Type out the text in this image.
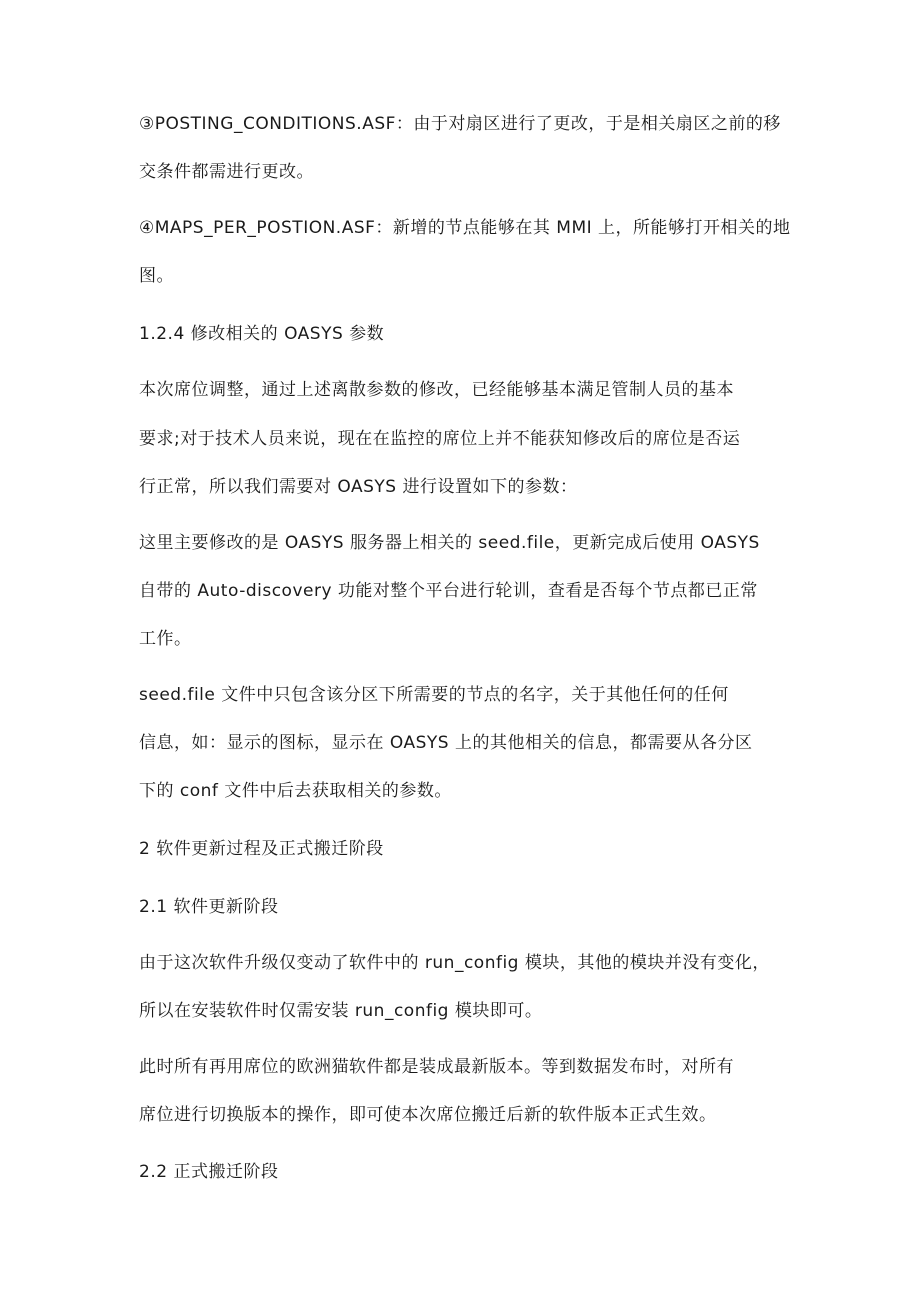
③POSTING_CONDITIONS.ASF：由于对扇区进行了更改，于是相关扇区之前的移
交条件都需进行更改。
④MAPS_PER_POSTION.ASF：新增的节点能够在其 MMI 上，所能够打开相关的地
图。
1.2.4 修改相关的 OASYS 参数
本次席位调整，通过上述离散参数的修改，已经能够基本满足管制人员的基本
要求;对于技术人员来说，现在在监控的席位上并不能获知修改后的席位是否运
行正常，所以我们需要对 OASYS 进行设置如下的参数：
这里主要修改的是 OASYS 服务器上相关的 seed.file，更新完成后使用 OASYS
自带的 Auto-discovery 功能对整个平台进行轮训，查看是否每个节点都已正常
工作。
seed.file 文件中只包含该分区下所需要的节点的名字，关于其他任何的任何
信息，如：显示的图标，显示在 OASYS 上的其他相关的信息，都需要从各分区
下的 conf 文件中后去获取相关的参数。
2 软件更新过程及正式搬迁阶段
2.1 软件更新阶段
由于这次软件升级仅变动了软件中的 run_config 模块，其他的模块并没有变化，
所以在安装软件时仅需安装 run_config 模块即可。
此时所有再用席位的欧洲猫软件都是装成最新版本。等到数据发布时，对所有
席位进行切换版本的操作，即可使本次席位搬迁后新的软件版本正式生效。
2.2 正式搬迁阶段
